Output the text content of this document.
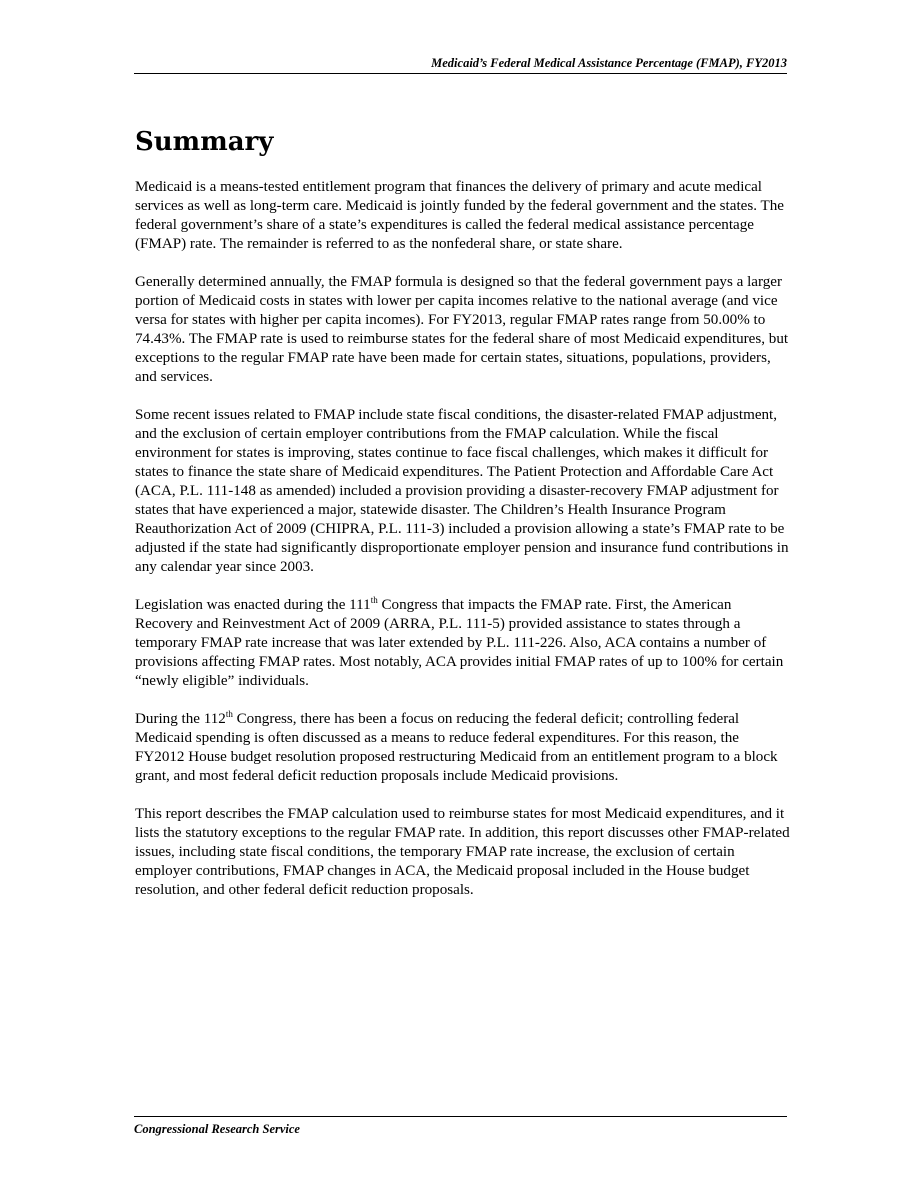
Medicaid’s Federal Medical Assistance Percentage (FMAP), FY2013
Summary

Medicaid is a means-tested entitlement program that finances the delivery of primary and acute medical services as well as long-term care. Medicaid is jointly funded by the federal government and the states. The federal government’s share of a state’s expenditures is called the federal medical assistance percentage (FMAP) rate. The remainder is referred to as the nonfederal share, or state share.

Generally determined annually, the FMAP formula is designed so that the federal government pays a larger portion of Medicaid costs in states with lower per capita incomes relative to the national average (and vice versa for states with higher per capita incomes). For FY2013, regular FMAP rates range from 50.00% to 74.43%. The FMAP rate is used to reimburse states for the federal share of most Medicaid expenditures, but exceptions to the regular FMAP rate have been made for certain states, situations, populations, providers, and services.

Some recent issues related to FMAP include state fiscal conditions, the disaster-related FMAP adjustment, and the exclusion of certain employer contributions from the FMAP calculation. While the fiscal environment for states is improving, states continue to face fiscal challenges, which makes it difficult for states to finance the state share of Medicaid expenditures. The Patient Protection and Affordable Care Act (ACA, P.L. 111-148 as amended) included a provision providing a disaster-recovery FMAP adjustment for states that have experienced a major, statewide disaster. The Children’s Health Insurance Program Reauthorization Act of 2009 (CHIPRA, P.L. 111-3) included a provision allowing a state’s FMAP rate to be adjusted if the state had significantly disproportionate employer pension and insurance fund contributions in any calendar year since 2003.

Legislation was enacted during the 111th Congress that impacts the FMAP rate. First, the American Recovery and Reinvestment Act of 2009 (ARRA, P.L. 111-5) provided assistance to states through a temporary FMAP rate increase that was later extended by P.L. 111-226. Also, ACA contains a number of provisions affecting FMAP rates. Most notably, ACA provides initial FMAP rates of up to 100% for certain “newly eligible” individuals.

During the 112th Congress, there has been a focus on reducing the federal deficit; controlling federal Medicaid spending is often discussed as a means to reduce federal expenditures. For this reason, the FY2012 House budget resolution proposed restructuring Medicaid from an entitlement program to a block grant, and most federal deficit reduction proposals include Medicaid provisions.

This report describes the FMAP calculation used to reimburse states for most Medicaid expenditures, and it lists the statutory exceptions to the regular FMAP rate. In addition, this report discusses other FMAP-related issues, including state fiscal conditions, the temporary FMAP rate increase, the exclusion of certain employer contributions, FMAP changes in ACA, the Medicaid proposal included in the House budget resolution, and other federal deficit reduction proposals.

Congressional Research Service
